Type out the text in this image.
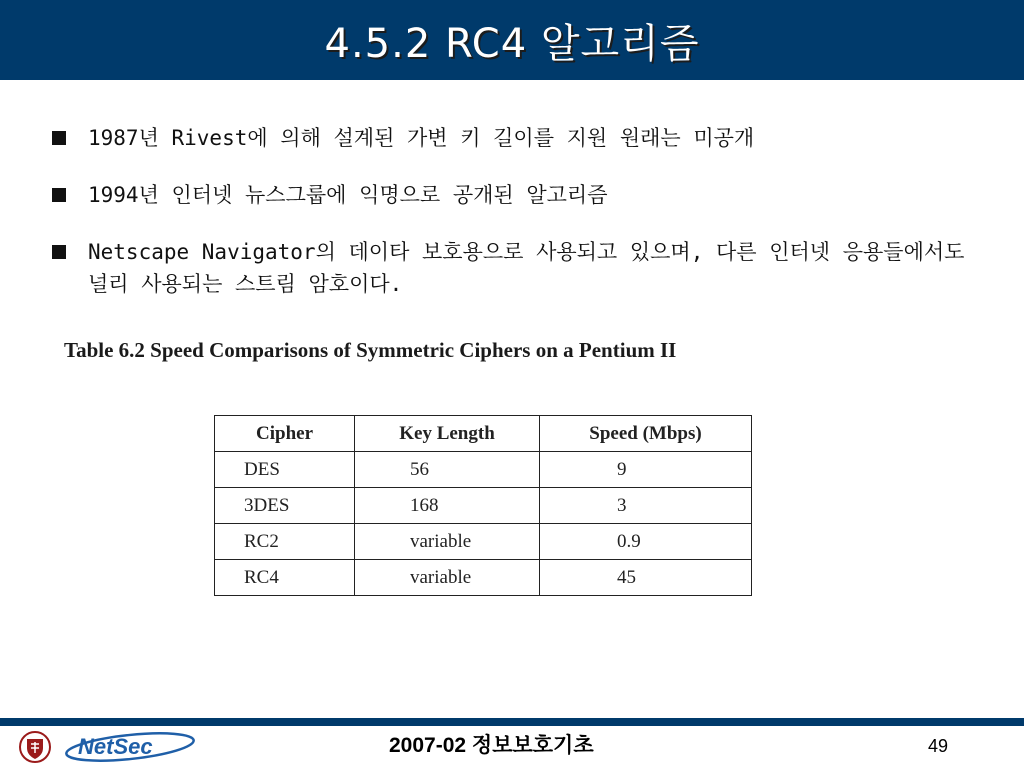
4.5.2 RC4 알고리즘
1987년 Rivest에 의해 설계된 가변 키 길이를 지원 원래는 미공개
1994년 인터넷 뉴스그룹에 익명으로 공개된 알고리즘
Netscape Navigator의 데이타 보호용으로 사용되고 있으며, 다른 인터넷 응용들에서도 널리 사용되는 스트림 암호이다.
Table 6.2 Speed Comparisons of Symmetric Ciphers on a Pentium II
Cipher	Key Length	Speed (Mbps)
DES	56	9
3DES	168	3
RC2	variable	0.9
RC4	variable	45
NetSec	2007-02 정보보호기초	49
